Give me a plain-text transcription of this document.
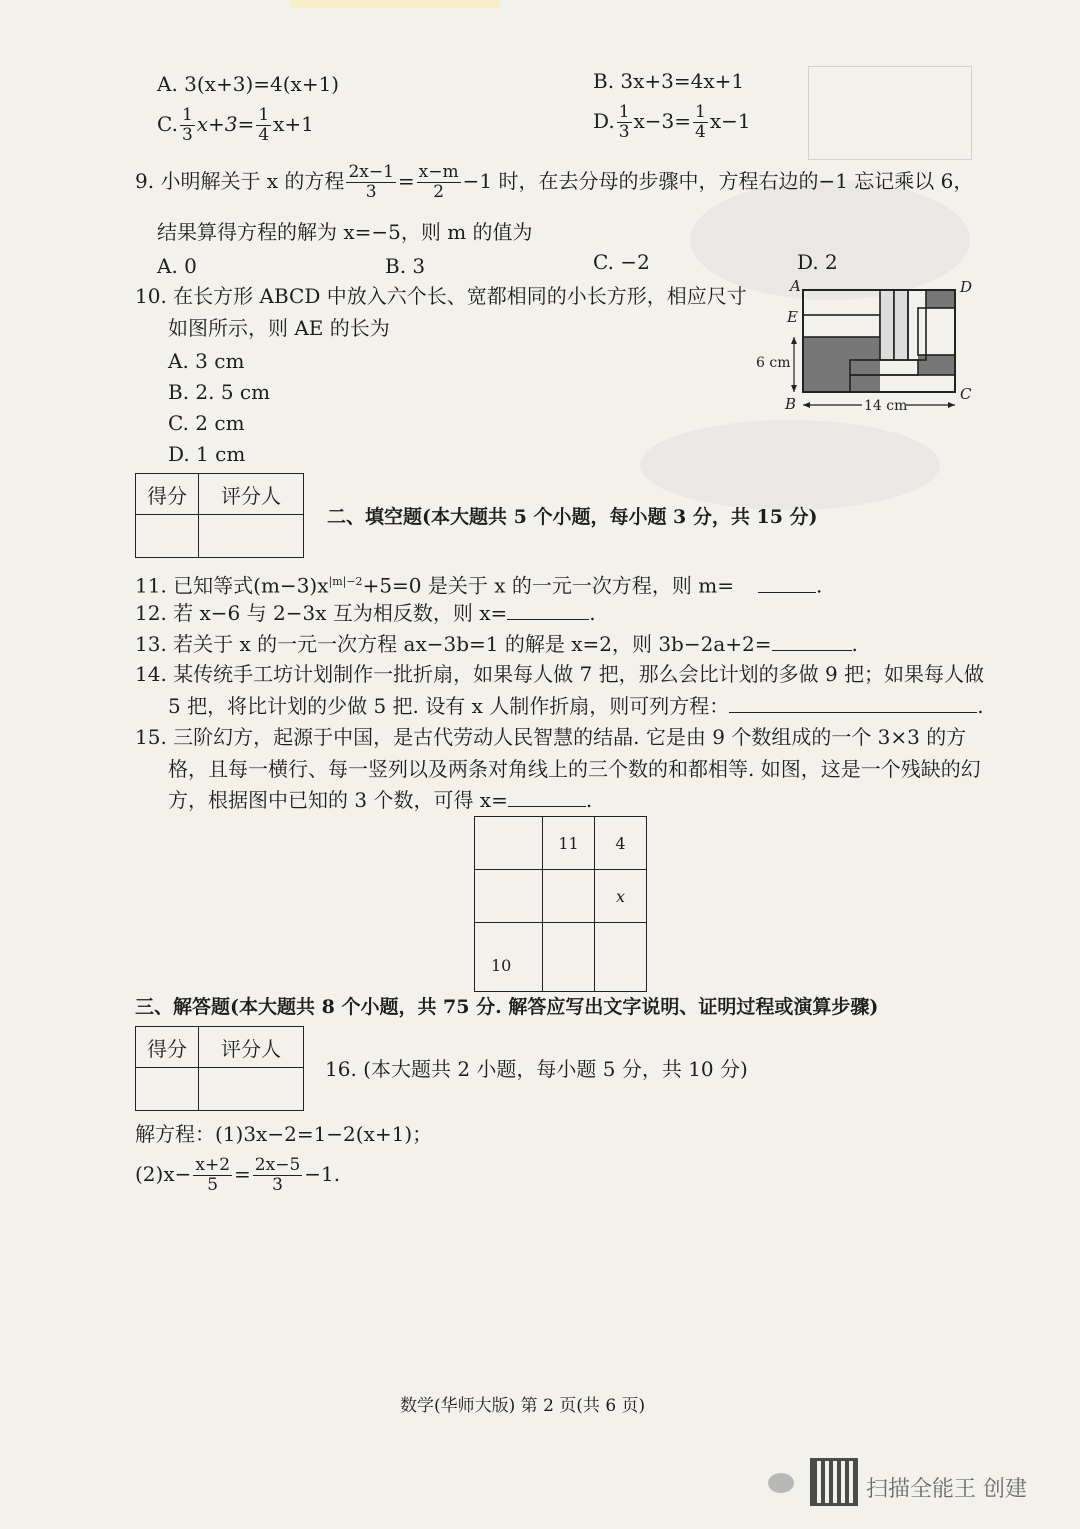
A. 3(x+3)=4(x+1)	B. 3x+3=4x+1
C. $\frac{1}{3} x+3= \frac{1}{4} x+1$	D. $\frac{1}{3} x-3= \frac{1}{4} x-1$
9. 小明解关于 x 的方程 $\frac{2x-1}{3} = \frac{x-m}{2} -1$ 时，在去分母的步骤中，方程右边的−1 忘记乘以 6，
结果算得方程的解为 x=−5，则 m 的值为
A. 0	B. 3	C. −2	D. 2
10. 在长方形 ABCD 中放入六个长、宽都相同的小长方形，相应尺寸
如图所示，则 AE 的长为
A. 3 cm
B. 2. 5 cm
C. 2 cm
D. 1 cm
6 cm
14 cm
A	D
E
B
C
得分	评分人

二、填空题(本大题共 5 个小题，每小题 3 分，共 15 分)
11. 已知等式$(m-3)x^{|m|-2}+5=0$ 是关于 x 的一元一次方程，则 m=	.
12. 若 x−6 与 2−3x 互为相反数，则 x=	.
13. 若关于 x 的一元一次方程 ax−3b=1 的解是 x=2，则 3b−2a+2=	.
14. 某传统手工坊计划制作一批折扇，如果每人做 7 把，那么会比计划的多做 9 把；如果每人做
5 把，将比计划的少做 5 把. 设有 x 人制作折扇，则可列方程：	.
15. 三阶幻方，起源于中国，是古代劳动人民智慧的结晶. 它是由 9 个数组成的一个 3×3 的方
格，且每一横行、每一竖列以及两条对角线上的三个数的和都相等. 如图，这是一个残缺的幻
方，根据图中已知的 3 个数，可得 x=	.
	11	4
		x
10		
三、解答题(本大题共 8 个小题，共 75 分. 解答应写出文字说明、证明过程或演算步骤)
得分	评分人

16. (本大题共 2 小题，每小题 5 分，共 10 分)
解方程：(1)3x−2=1−2(x+1)；
$(2)x- \frac{x+2}{5} = \frac{2x-5}{3} -1$.
数学(华师大版) 第 2 页(共 6 页)
扫描全能王 创建
